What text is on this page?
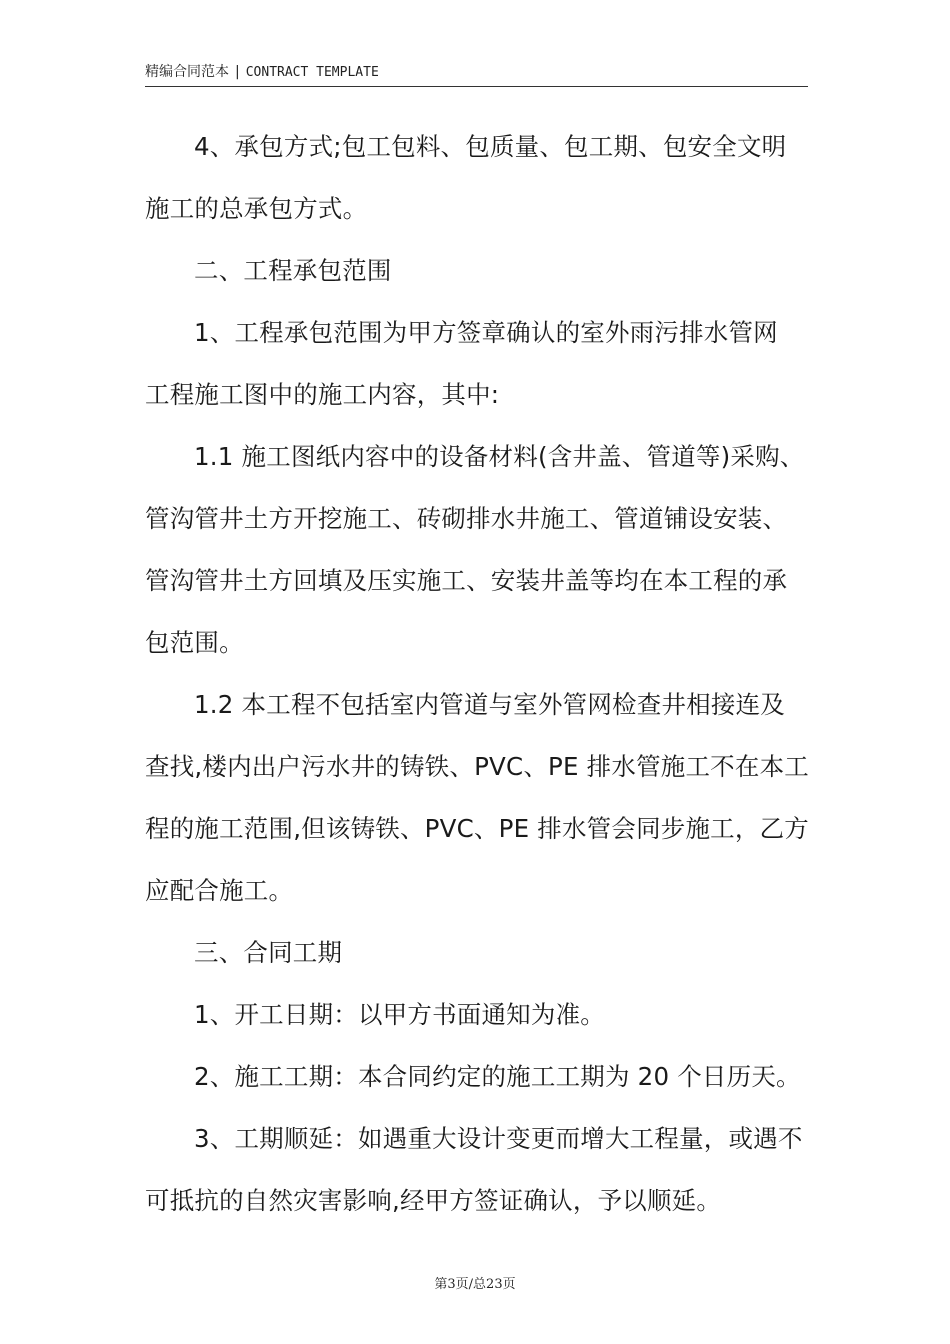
精编合同范本 | CONTRACT TEMPLATE
4、承包方式;包工包料、包质量、包工期、包安全文明
施工的总承包方式。
二、工程承包范围
1、工程承包范围为甲方签章确认的室外雨污排水管网
工程施工图中的施工内容，其中:
1.1 施工图纸内容中的设备材料(含井盖、管道等)采购、
管沟管井土方开挖施工、砖砌排水井施工、管道铺设安装、
管沟管井土方回填及压实施工、安装井盖等均在本工程的承
包范围。
1.2 本工程不包括室内管道与室外管网检查井相接连及
查找,楼内出户污水井的铸铁、PVC、PE 排水管施工不在本工
程的施工范围,但该铸铁、PVC、PE 排水管会同步施工，乙方
应配合施工。
三、合同工期
1、开工日期：以甲方书面通知为准。
2、施工工期：本合同约定的施工工期为 20 个日历天。
3、工期顺延：如遇重大设计变更而增大工程量，或遇不
可抵抗的自然灾害影响,经甲方签证确认，予以顺延。
第3页/总23页
